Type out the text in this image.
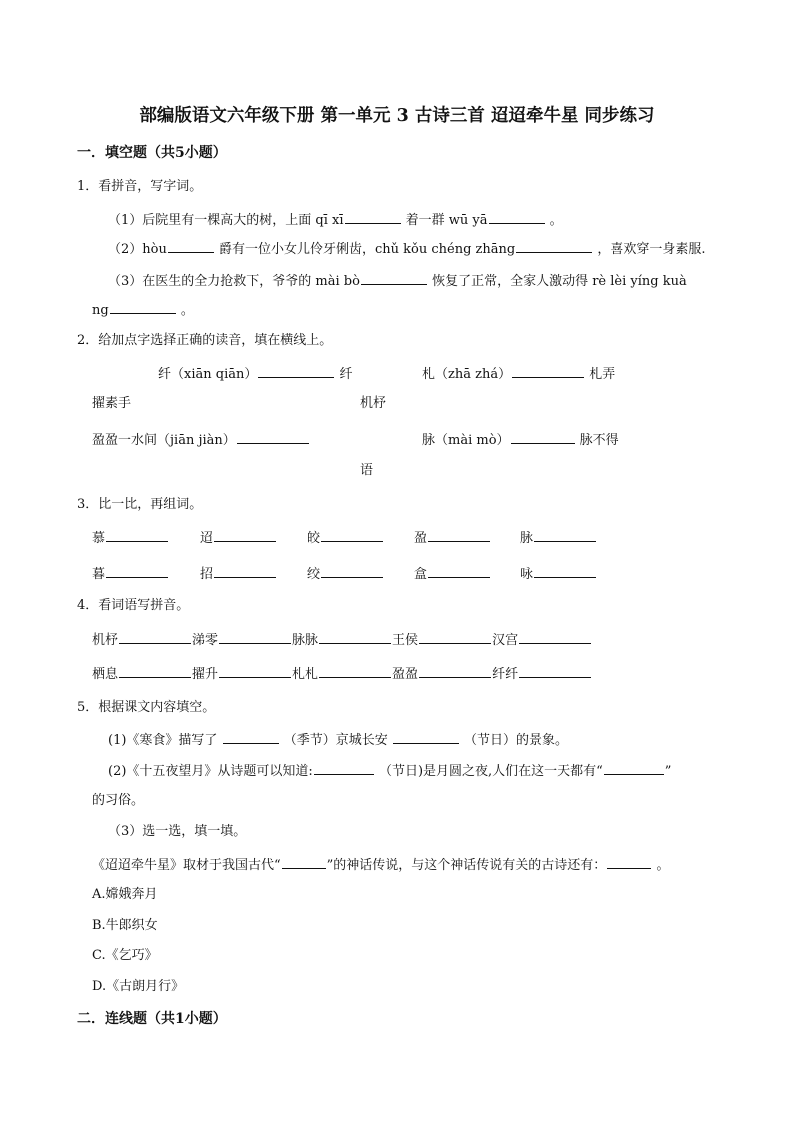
部编版语文六年级下册 第一单元 3 古诗三首 迢迢牵牛星 同步练习
一．填空题（共5小题）
1．看拼音，写字词。
（1）后院里有一棵高大的树，上面 qī xī	着一群 wū yā	。
（2）hòu	爵有一位小女儿伶牙俐齿，chǔ kǒu chéng zhāng	，喜欢穿一身素服.
（3）在医生的全力抢救下，爷爷的 mài bò	恢复了正常，全家人激动得 rè lèi yíng kuà
ng	。
2．给加点字选择正确的读音，填在横线上。
纤（xiān qiān）	纤	札（zhā zhá）	札弄
擢素手	机杼
盈盈一水间（jiān jiàn）	脉（mài mò）	脉不得
语
3．比一比，再组词。
慕	迢	皎	盈	脉
暮	招	绞	盒	咏
4．看词语写拼音。
机杼	涕零	脉脉	王侯	汉宫
栖息	擢升	札札	盈盈	纤纤
5．根据课文内容填空。
(1)《寒食》描写了	（季节）京城长安	（节日）的景象。
(2)《十五夜望月》从诗题可以知道:	（节日)是月圆之夜,人们在这一天都有“	”
的习俗。
（3）选一选，填一填。
《迢迢牵牛星》取材于我国古代“	”的神话传说，与这个神话传说有关的古诗还有：	。
A.嫦娥奔月
B.牛郎织女
C.《乞巧》
D.《古朗月行》
二．连线题（共1小题）
